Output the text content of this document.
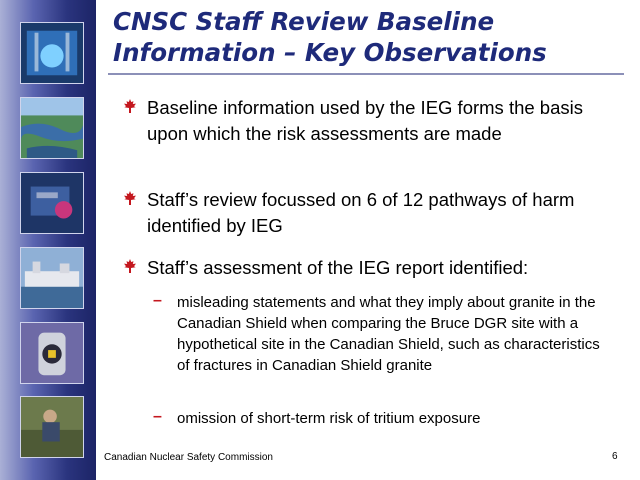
CNSC Staff Review Baseline Information – Key Observations
Baseline information used by the IEG forms the basis upon which the risk assessments are made
Staff’s review focussed on 6 of 12 pathways of harm identified by IEG
Staff’s assessment of the IEG report identified:
– misleading statements and what they imply about granite in the Canadian Shield when comparing the Bruce DGR site with a hypothetical site in the Canadian Shield, such as characteristics of fractures in Canadian Shield granite
– omission of short-term risk of tritium exposure
Canadian Nuclear Safety Commission	6
